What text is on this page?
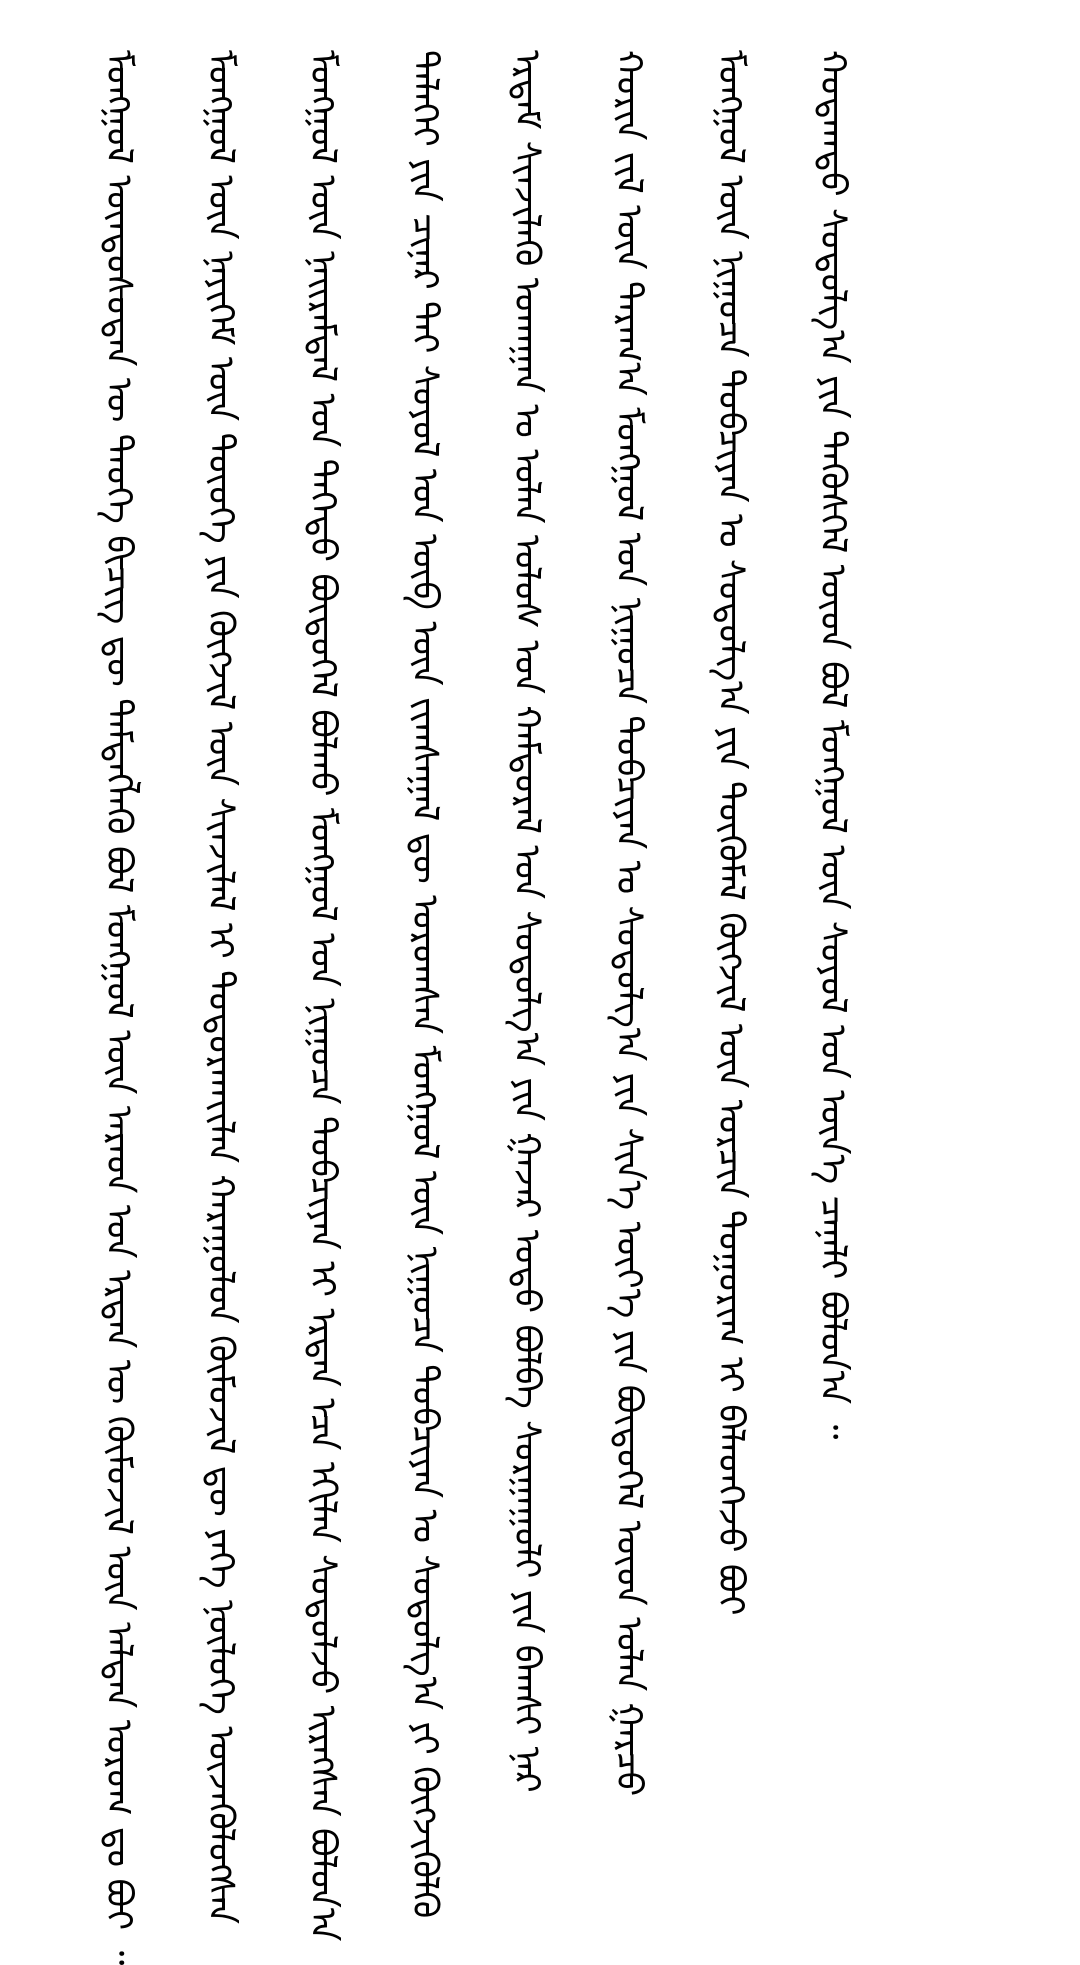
ᠮᠣᠩᠭᠣᠯ ᠦᠨᠳᠦᠰᠦᠲᠡᠨ ᠦ ᠲᠡᠦᠬᠡ ᠪᠢᠴᠢᠭ ᠳᠦ ᠲᠡᠮᠳᠡᠭᠯᠡᠬᠦ ᠪᠤᠯ ᠮᠣᠩᠭᠣᠯ ᠦᠨ ᠠᠷᠠᠳ ᠤᠨ ᠡᠷᠲᠡᠨ ᠦ ᠬᠦᠮᠦᠵᠢᠯ ᠦᠨ ᠠᠯᠲᠠᠨ ᠤᠷᠤᠭ ᠳᠤ ᠪᠤᠢ ᠃ ᠮᠣᠩᠭᠣᠯ ᠦᠨ ᠨᠡᠶᠢᠭᠡᠮ ᠦᠨ ᠲᠦᠦᠬᠡ ᠶᠢᠨ ᠬᠥᠭᠵᠢᠯ ᠦᠨ ᠰᠢᠨᠵᠢᠯᠡᠯ ᠢ ᠲᠣᠳᠤᠷᠬᠠᠶ᠋ᠢᠯᠠᠨ ᠬᠠᠷᠠᠭᠤᠯᠤᠨ ᠬᠦᠮᠦᠵᠢᠯ ᠳᠦ ᠶᠡᠬᠡ ᠨᠥᠯᠦᠭᠡ ᠦᠵᠡᠭᠦᠯᠦᠭᠰᠡᠨ ᠮᠣᠩᠭᠣᠯ ᠦᠨ ᠨᠠᠢᠷᠠᠮᠳᠠᠯ ᠤᠨ ᠳᠡᠭᠡᠳᠦ ᠪᠦᠲᠦᠭᠡᠯ ᠪᠣᠯᠬᠤ ᠮᠣᠩᠭᠣᠯ ᠤᠨ ᠨᠢᠭᠤᠴᠠ ᠲᠣᠪᠴᠢᠶᠠᠨ ᠢ ᠡᠷᠲᠡᠨ ᠡᠴᠡ ᠡᠬᠢᠯᠡᠨ ᠰᠤᠳᠤᠯᠵᠤ ᠢᠷᠡᠭᠰᠡᠨ ᠪᠣᠯᠤᠨ᠎ᠠ ᠳᠡᠯᠡᠬᠡᠢ ᠶᠢᠨ ᠴᠢᠨᠠᠷ ᠲᠠᠢ ᠰᠣᠶᠣᠯ ᠤᠨ ᠥᠪ ᠦᠨ ᠵᠢᠭᠰᠠᠭᠠᠯ ᠳᠦ ᠣᠷᠣᠭᠰᠠᠨ ᠮᠣᠩᠭᠣᠯ ᠦᠨ ᠨᠢᠭᠤᠴᠠ ᠲᠣᠪᠴᠢᠶᠠᠨ ᠤ ᠰᠤᠳᠤᠯᠭ᠎ᠠ ᠶᠢ ᠬᠥᠭᠵᠢᠭᠦᠯᠬᠦ ᠡᠷᠳᠡᠮ ᠰᠢᠨᠵᠢᠯᠡᠬᠦ ᠤᠬᠠᠭᠠᠨ ᠤ ᠣᠯᠠᠨ ᠤᠯᠤᠰ ᠤᠨ ᠬᠠᠮᠲᠤᠷᠠᠯ ᠤᠨ ᠰᠤᠳᠤᠯᠭ᠎ᠠ ᠶᠢᠨ ᠭᠠᠵᠠᠷ ᠤᠳᠤ ᠪᠣᠯᠪᠠ ᠰᠤᠷᠭᠠᠭᠤᠯᠢ ᠶᠢᠨ ᠪᠠᠭᠰᠢ ᠨᠠᠷ ᠬᠣᠷᠢᠨ ᠵᠢᠯ ᠦᠨ ᠳᠠᠷᠠᠭ᠎ᠠ ᠮᠣᠩᠭᠣᠯ ᠤᠨ ᠨᠢᠭᠤᠴᠠ ᠲᠣᠪᠴᠢᠶᠠᠨ ᠤ ᠰᠤᠳᠤᠯᠭ᠎ᠠ ᠶᠢᠨ ᠰᠢᠨ᠎ᠡ ᠦᠶ᠎ᠡ ᠶᠢᠨ ᠪᠦᠲᠦᠭᠡᠯ ᠦᠳ ᠣᠯᠠᠨ ᠭᠠᠷᠴᠤ ᠮᠣᠩᠭᠣᠯ ᠦᠨ ᠨᠢᠭᠤᠴᠠ ᠲᠣᠪᠴᠢᠶᠠᠨ ᠤ ᠰᠤᠳᠤᠯᠭ᠎ᠠ ᠶᠢᠨ ᠲᠦᠭᠦᠮᠡᠯ ᠬᠥᠭᠵᠢᠯ ᠦᠨ ᠣᠷᠴᠢᠨ ᠲᠣᠭᠣᠷᠢᠭ ᠢ ᠪᠡᠯᠡᠳᠬᠡᠵᠦ ᠪᠤᠢ ᠬᠤᠲᠠᠭᠲᠤ ᠰᠤᠳᠤᠯᠭ᠎ᠠ ᠶᠢᠨ ᠲᠡᠭᠦᠰᠬᠡᠯ ᠦᠳ ᠪᠣᠯ ᠮᠣᠩᠭᠣᠯ ᠦᠨ ᠰᠣᠶᠣᠯ ᠤᠨ ᠦᠨ᠎ᠡ ᠴᠡᠨᠡᠯᠢ ᠪᠣᠯᠤᠨ᠎ᠠ ᠃
